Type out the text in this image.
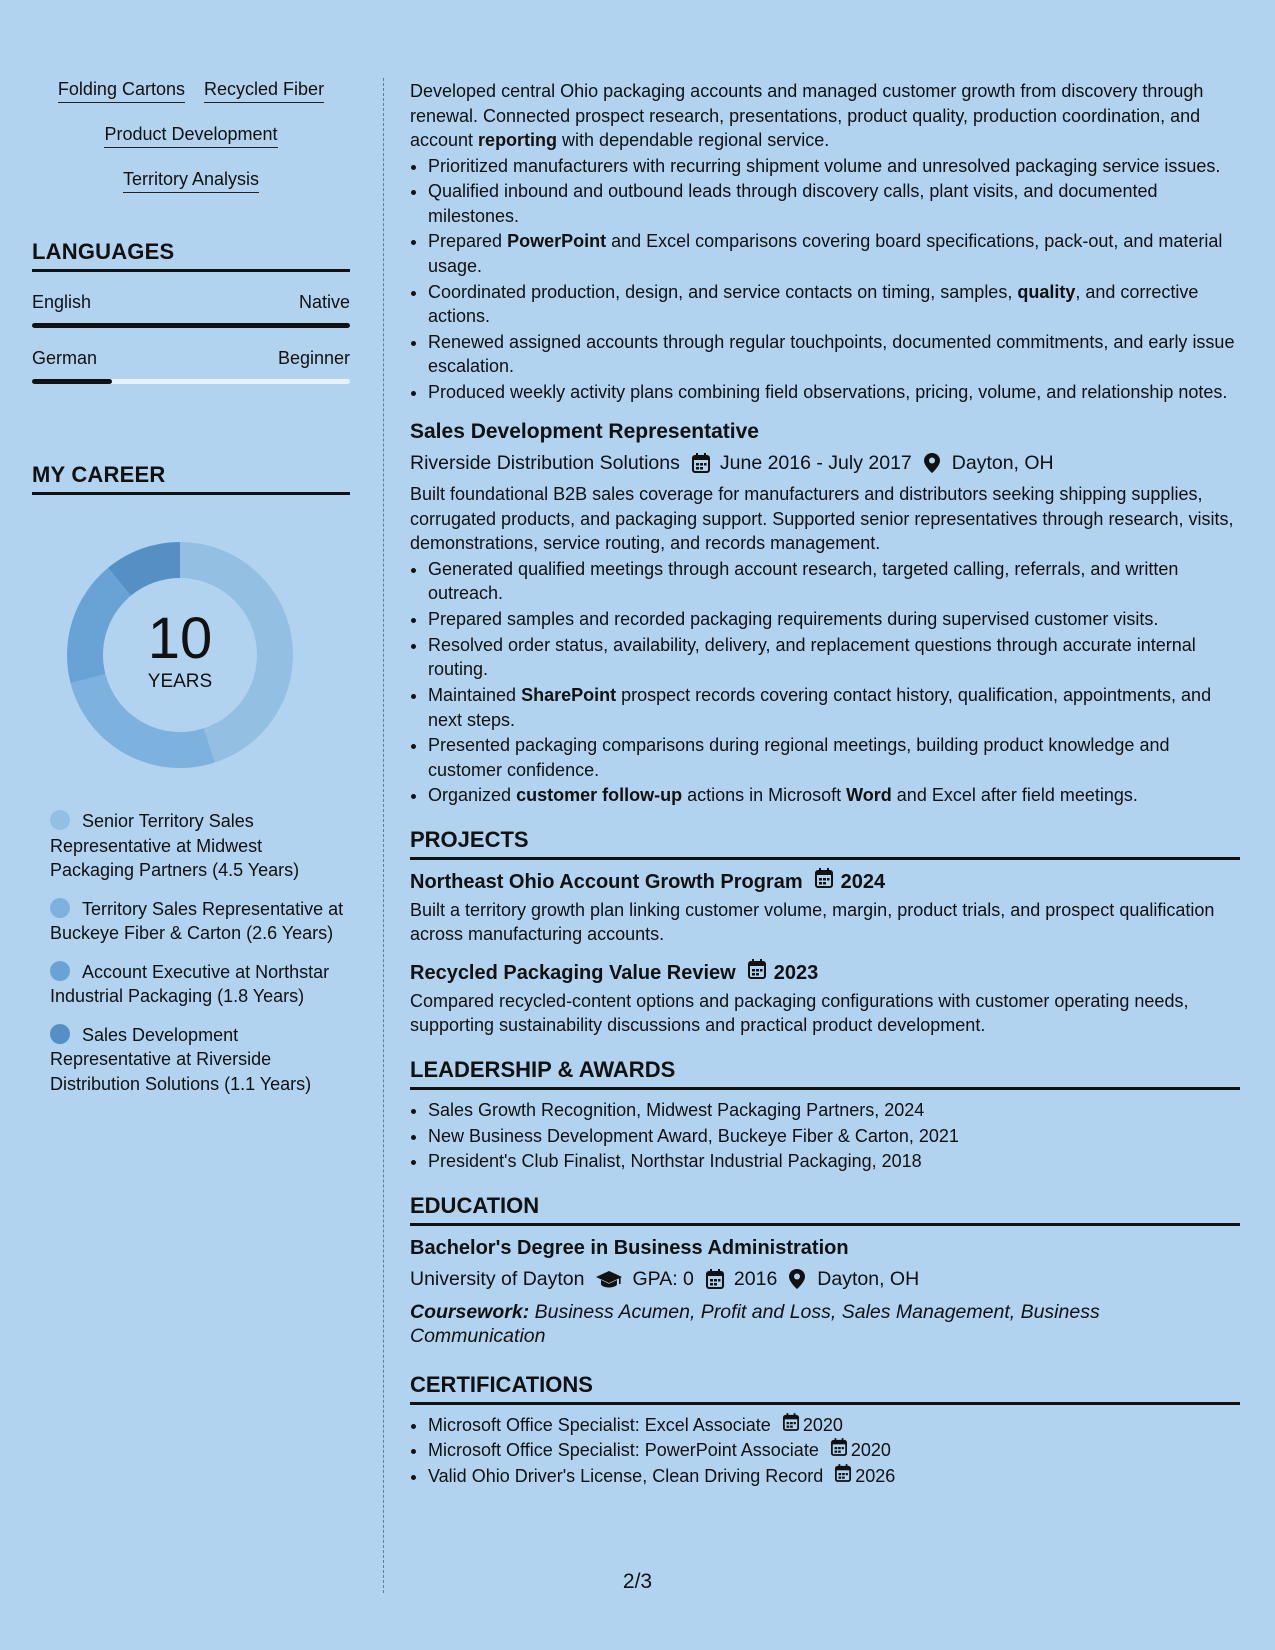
Folding Cartons Recycled Fiber
Product Development
Territory Analysis
LANGUAGES
English	Native
German	Beginner
MY CAREER
10
YEARS
Senior Territory Sales Representative at Midwest Packaging Partners (4.5 Years)
Territory Sales Representative at Buckeye Fiber & Carton (2.6 Years)
Account Executive at Northstar Industrial Packaging (1.8 Years)
Sales Development Representative at Riverside Distribution Solutions (1.1 Years)

Developed central Ohio packaging accounts and managed customer growth from discovery through renewal. Connected prospect research, presentations, product quality, production coordination, and account reporting with dependable regional service.

• Prioritized manufacturers with recurring shipment volume and unresolved packaging service issues.
• Qualified inbound and outbound leads through discovery calls, plant visits, and documented milestones.
• Prepared PowerPoint and Excel comparisons covering board specifications, pack-out, and material usage.
• Coordinated production, design, and service contacts on timing, samples, quality, and corrective actions.
• Renewed assigned accounts through regular touchpoints, documented commitments, and early issue escalation.
• Produced weekly activity plans combining field observations, pricing, volume, and relationship notes.
Sales Development Representative
Riverside Distribution Solutions June 2016 - July 2017 Dayton, OH

Built foundational B2B sales coverage for manufacturers and distributors seeking shipping supplies, corrugated products, and packaging support. Supported senior representatives through research, visits, demonstrations, service routing, and records management.

• Generated qualified meetings through account research, targeted calling, referrals, and written outreach.
• Prepared samples and recorded packaging requirements during supervised customer visits.
• Resolved order status, availability, delivery, and replacement questions through accurate internal routing.
• Maintained SharePoint prospect records covering contact history, qualification, appointments, and next steps.
• Presented packaging comparisons during regional meetings, building product knowledge and customer confidence.
• Organized customer follow-up actions in Microsoft Word and Excel after field meetings.
PROJECTS
Northeast Ohio Account Growth Program 2024

Built a territory growth plan linking customer volume, margin, product trials, and prospect qualification across manufacturing accounts.

Recycled Packaging Value Review 2023

Compared recycled-content options and packaging configurations with customer operating needs, supporting sustainability discussions and practical product development.

LEADERSHIP & AWARDS
• Sales Growth Recognition, Midwest Packaging Partners, 2024
• New Business Development Award, Buckeye Fiber & Carton, 2021
• President's Club Finalist, Northstar Industrial Packaging, 2018
EDUCATION
Bachelor's Degree in Business Administration
University of Dayton GPA: 0 2016 Dayton, OH
Coursework: Business Acumen, Profit and Loss, Sales Management, Business Communication
CERTIFICATIONS
• Microsoft Office Specialist: Excel Associate 2020
• Microsoft Office Specialist: PowerPoint Associate 2020
• Valid Ohio Driver's License, Clean Driving Record 2026
2/3
